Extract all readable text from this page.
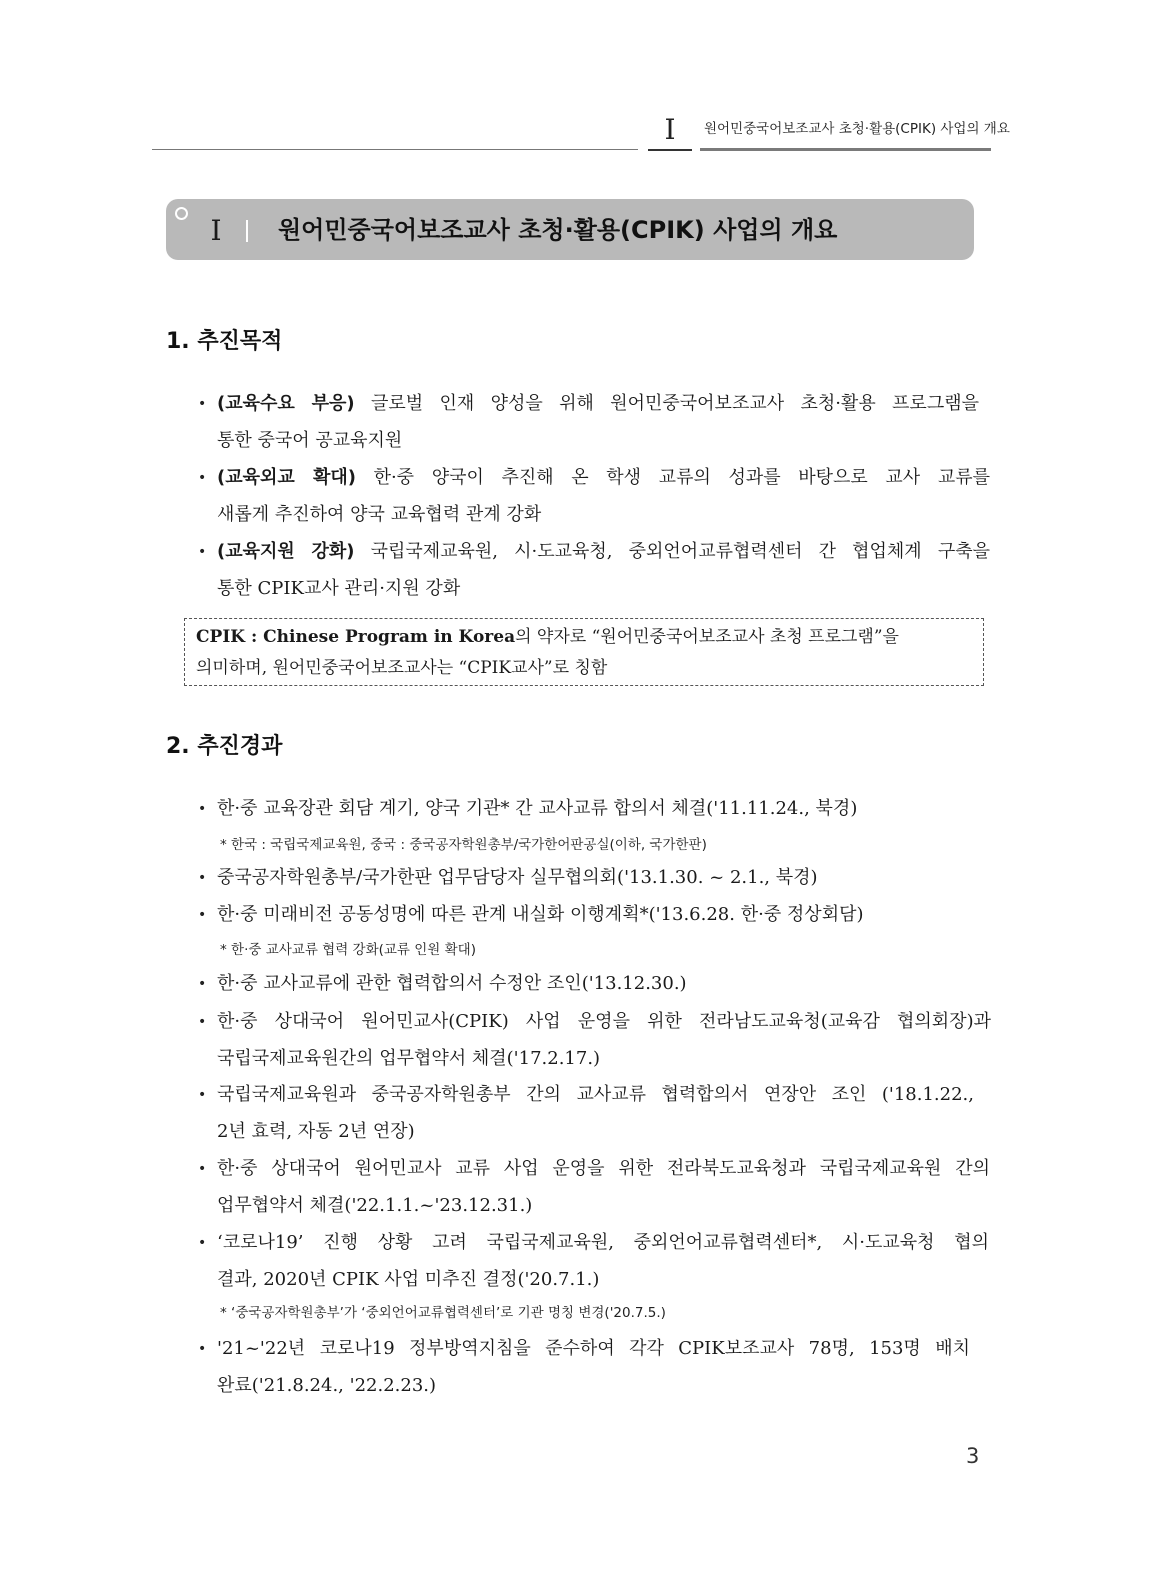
Ⅰ	원어민중국어보조교사 초청·활용(CPIK) 사업의 개요
Ⅰ	원어민중국어보조교사 초청·활용(CPIK) 사업의 개요
1. 추진목적
• (교육수요 부응) 글로벌 인재 양성을 위해 원어민중국어보조교사 초청·활용 프로그램을
통한 중국어 공교육지원
• (교육외교 확대) 한·중 양국이 추진해 온 학생 교류의 성과를 바탕으로 교사 교류를
새롭게 추진하여 양국 교육협력 관계 강화
• (교육지원 강화) 국립국제교육원, 시·도교육청, 중외언어교류협력센터 간 협업체계 구축을
통한 CPIK교사 관리·지원 강화
CPIK : Chinese Program in Korea의 약자로 “원어민중국어보조교사 초청 프로그램”을
의미하며, 원어민중국어보조교사는 “CPIK교사”로 칭함
2. 추진경과
• 한·중 교육장관 회담 계기, 양국 기관* 간 교사교류 합의서 체결('11.11.24., 북경)
* 한국 : 국립국제교육원, 중국 : 중국공자학원총부/국가한어판공실(이하, 국가한판)
• 중국공자학원총부/국가한판 업무담당자 실무협의회('13.1.30. ~ 2.1., 북경)
• 한·중 미래비전 공동성명에 따른 관계 내실화 이행계획*('13.6.28. 한·중 정상회담)
* 한·중 교사교류 협력 강화(교류 인원 확대)
• 한·중 교사교류에 관한 협력합의서 수정안 조인('13.12.30.)
• 한·중 상대국어 원어민교사(CPIK) 사업 운영을 위한 전라남도교육청(교육감 협의회장)과
국립국제교육원간의 업무협약서 체결('17.2.17.)
• 국립국제교육원과 중국공자학원총부 간의 교사교류 협력합의서 연장안 조인 ('18.1.22.,
2년 효력, 자동 2년 연장)
• 한·중 상대국어 원어민교사 교류 사업 운영을 위한 전라북도교육청과 국립국제교육원 간의
업무협약서 체결('22.1.1.~'23.12.31.)
• ‘코로나19’ 진행 상황 고려 국립국제교육원, 중외언어교류협력센터*, 시·도교육청 협의
결과, 2020년 CPIK 사업 미추진 결정('20.7.1.)
* ‘중국공자학원총부’가 ‘중외언어교류협력센터’로 기관 명칭 변경('20.7.5.)
• '21~'22년 코로나19 정부방역지침을 준수하여 각각 CPIK보조교사 78명, 153명 배치
완료('21.8.24., '22.2.23.)
3
